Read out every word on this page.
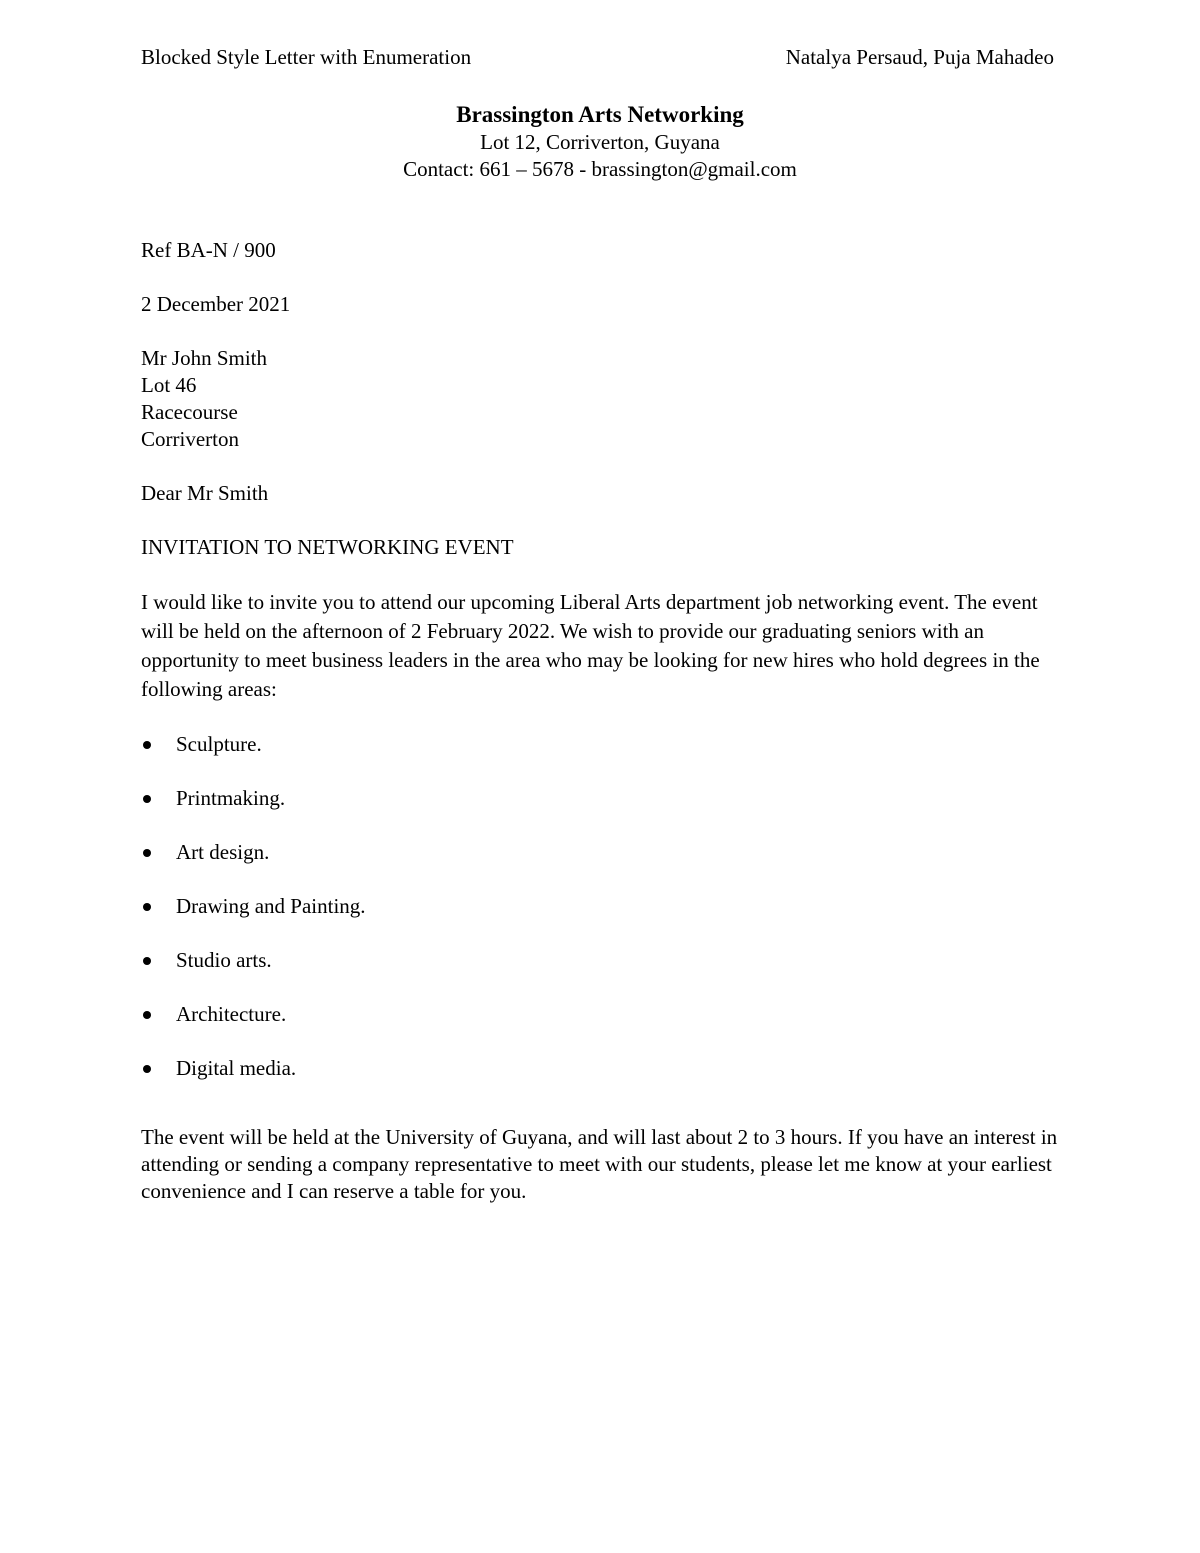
Blocked Style Letter with Enumeration	Natalya Persaud, Puja Mahadeo
Brassington Arts Networking
Lot 12, Corriverton, Guyana
Contact: 661 – 5678 - brassington@gmail.com
Ref BA-N / 900
2 December 2021
Mr John Smith
Lot 46
Racecourse
Corriverton
Dear Mr Smith
INVITATION TO NETWORKING EVENT
I would like to invite you to attend our upcoming Liberal Arts department job networking event. The event will be held on the afternoon of 2 February 2022. We wish to provide our graduating seniors with an opportunity to meet business leaders in the area who may be looking for new hires who hold degrees in the following areas:
Sculpture.
Printmaking.
Art design.
Drawing and Painting.
Studio arts.
Architecture.
Digital media.
The event will be held at the University of Guyana, and will last about 2 to 3 hours. If you have an interest in attending or sending a company representative to meet with our students, please let me know at your earliest convenience and I can reserve a table for you.
